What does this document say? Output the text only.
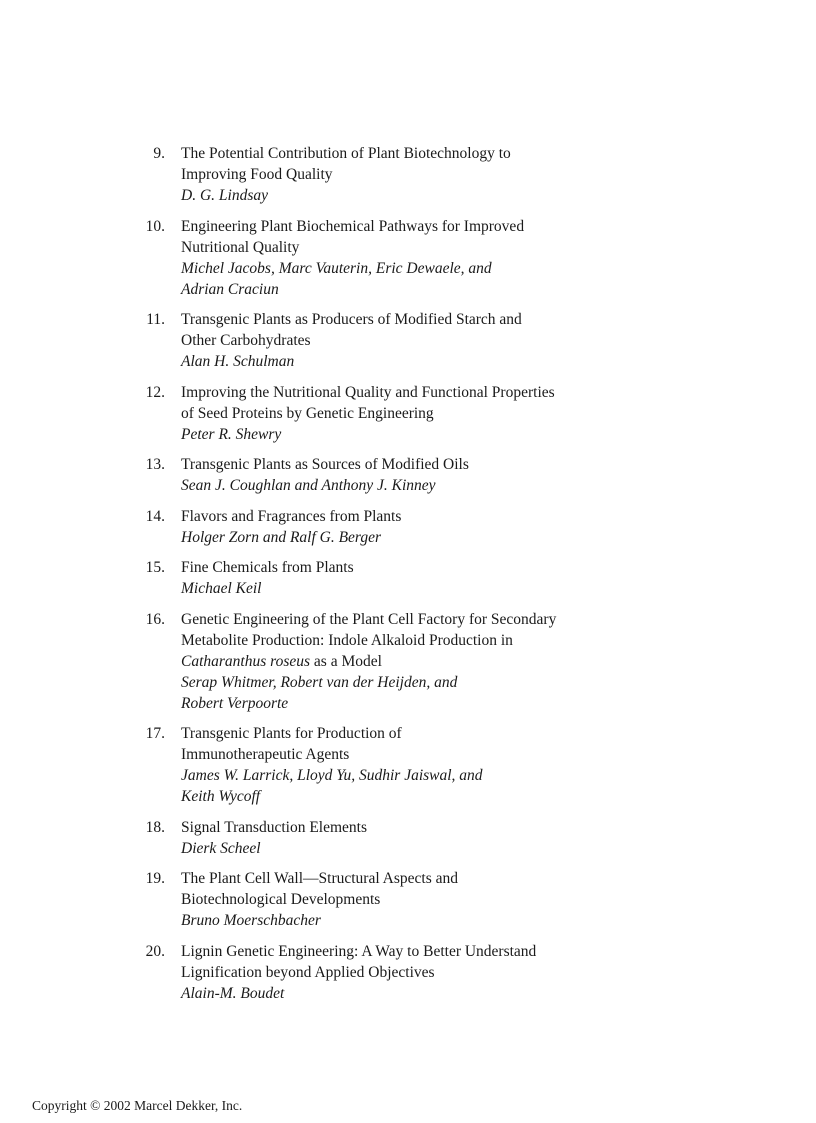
9. The Potential Contribution of Plant Biotechnology to
Improving Food Quality
D. G. Lindsay
10. Engineering Plant Biochemical Pathways for Improved
Nutritional Quality
Michel Jacobs, Marc Vauterin, Eric Dewaele, and
Adrian Craciun
11. Transgenic Plants as Producers of Modified Starch and
Other Carbohydrates
Alan H. Schulman
12. Improving the Nutritional Quality and Functional Properties
of Seed Proteins by Genetic Engineering
Peter R. Shewry
13. Transgenic Plants as Sources of Modified Oils
Sean J. Coughlan and Anthony J. Kinney
14. Flavors and Fragrances from Plants
Holger Zorn and Ralf G. Berger
15. Fine Chemicals from Plants
Michael Keil
16. Genetic Engineering of the Plant Cell Factory for Secondary
Metabolite Production: Indole Alkaloid Production in
Catharanthus roseus as a Model
Serap Whitmer, Robert van der Heijden, and
Robert Verpoorte
17. Transgenic Plants for Production of
Immunotherapeutic Agents
James W. Larrick, Lloyd Yu, Sudhir Jaiswal, and
Keith Wycoff
18. Signal Transduction Elements
Dierk Scheel
19. The Plant Cell Wall—Structural Aspects and
Biotechnological Developments
Bruno Moerschbacher
20. Lignin Genetic Engineering: A Way to Better Understand
Lignification beyond Applied Objectives
Alain-M. Boudet
Copyright © 2002 Marcel Dekker, Inc.
